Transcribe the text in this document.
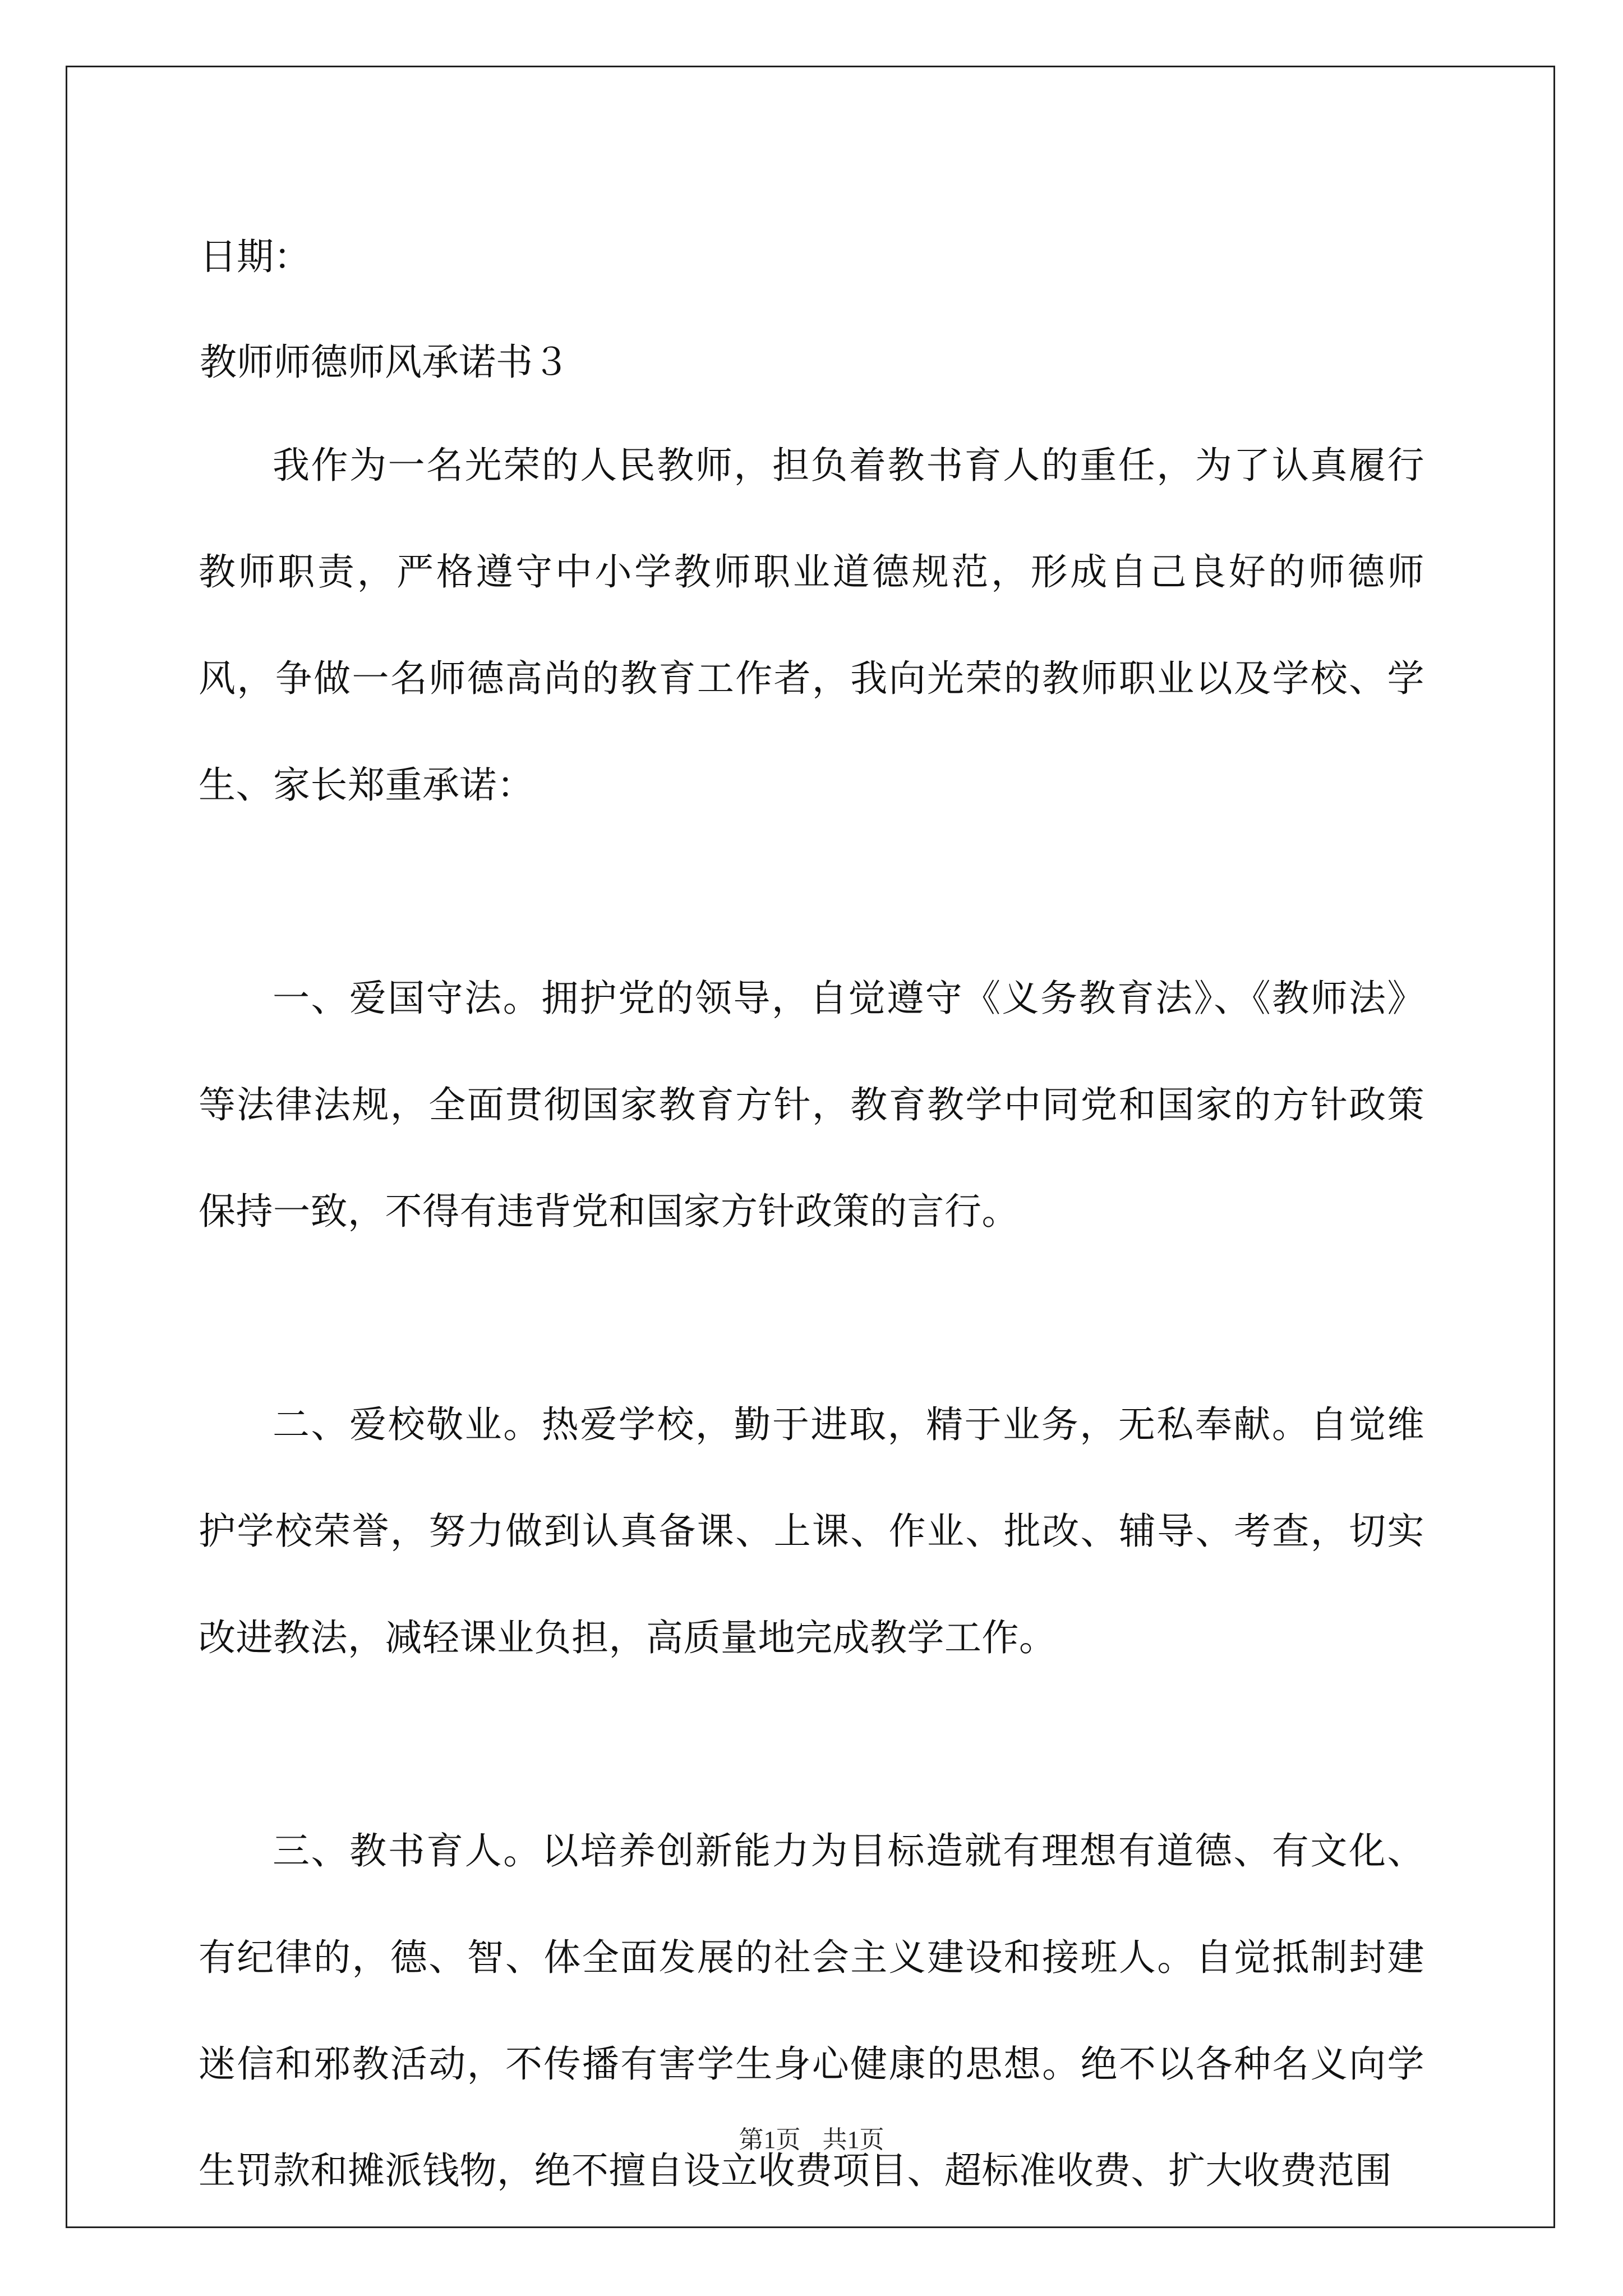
日期：

教师师德师风承诺书３

我作为一名光荣的人民教师，担负着教书育人的重任，为了认真履行教师职责，严格遵守中小学教师职业道德规范，形成自己良好的师德师风，争做一名师德高尚的教育工作者，我向光荣的教师职业以及学校、学生、家长郑重承诺：

一、爱国守法。拥护党的领导，自觉遵守《义务教育法》、《教师法》等法律法规，全面贯彻国家教育方针，教育教学中同党和国家的方针政策保持一致，不得有违背党和国家方针政策的言行。

二、爱校敬业。热爱学校，勤于进取，精于业务，无私奉献。自觉维护学校荣誉，努力做到认真备课、上课、作业、批改、辅导、考查，切实改进教法，减轻课业负担，高质量地完成教学工作。

三、教书育人。以培养创新能力为目标造就有理想有道德、有文化、有纪律的，德、智、体全面发展的社会主义建设和接班人。自觉抵制封建迷信和邪教活动，不传播有害学生身心健康的思想。绝不以各种名义向学生罚款和摊派钱物，绝不擅自设立收费项目、超标准收费、扩大收费范围

第1页 共1页
